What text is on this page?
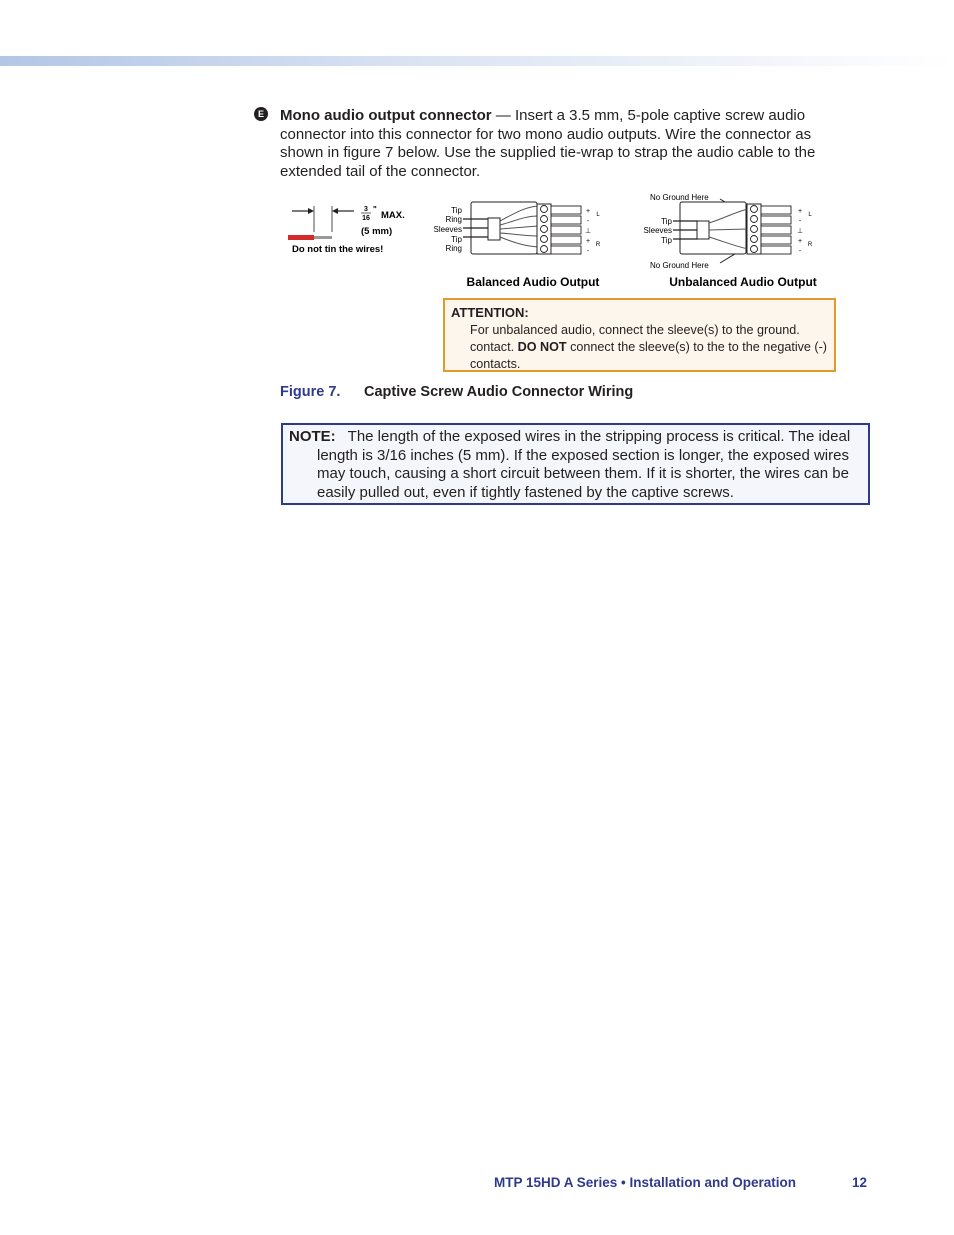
E Mono audio output connector — Insert a 3.5 mm, 5-pole captive screw audio connector into this connector for two mono audio outputs. Wire the connector as shown in figure 7 below. Use the supplied tie-wrap to strap the audio cable to the extended tail of the connector.
3
16
"
MAX.
(5 mm)
Do not tin the wires!
Tip
Ring
Sleeves
Tip
Ring
+
-
⊥
+
-
L
R
Balanced Audio Output
No Ground Here
Tip
Sleeves
Tip
No Ground Here
+
-
⊥
+
-
L
R
Unbalanced Audio Output
ATTENTION:
For unbalanced audio, connect the sleeve(s) to the ground. contact. DO NOT connect the sleeve(s) to the to the negative (-) contacts.
Figure 7. Captive Screw Audio Connector Wiring
NOTE: The length of the exposed wires in the stripping process is critical. The ideal
length is 3/16 inches (5 mm). If the exposed section is longer, the exposed wires may touch, causing a short circuit between them. If it is shorter, the wires can be easily pulled out, even if tightly fastened by the captive screws.
MTP 15HD A Series • Installation and Operation	12
